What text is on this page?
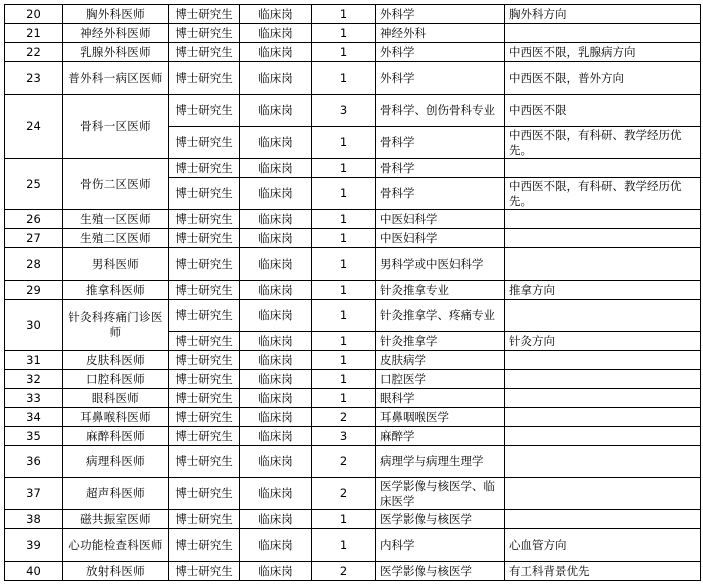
20	胸外科医师	博士研究生	临床岗	1	外科学	胸外科方向
21	神经外科医师	博士研究生	临床岗	1	神经外科	
22	乳腺外科医师	博士研究生	临床岗	1	外科学	中西医不限，乳腺病方向
23	普外科一病区医师	博士研究生	临床岗	1	外科学	中西医不限，普外方向
24	骨科一区医师	博士研究生	临床岗	3	骨科学、创伤骨科专业	中西医不限
		博士研究生	临床岗	1	骨科学	中西医不限，有科研、教学经历优先。
25	骨伤二区医师	博士研究生	临床岗	1	骨科学	
		博士研究生	临床岗	1	骨科学	中西医不限，有科研、教学经历优先。
26	生殖一区医师	博士研究生	临床岗	1	中医妇科学	
27	生殖二区医师	博士研究生	临床岗	1	中医妇科学	
28	男科医师	博士研究生	临床岗	1	男科学或中医妇科学	
29	推拿科医师	博士研究生	临床岗	1	针灸推拿专业	推拿方向
30	针灸科疼痛门诊医师	博士研究生	临床岗	1	针灸推拿学、疼痛专业	
		博士研究生	临床岗	1	针灸推拿学	针灸方向
31	皮肤科医师	博士研究生	临床岗	1	皮肤病学	
32	口腔科医师	博士研究生	临床岗	1	口腔医学	
33	眼科医师	博士研究生	临床岗	1	眼科学	
34	耳鼻喉科医师	博士研究生	临床岗	2	耳鼻咽喉医学	
35	麻醉科医师	博士研究生	临床岗	3	麻醉学	
36	病理科医师	博士研究生	临床岗	2	病理学与病理生理学	
37	超声科医师	博士研究生	临床岗	2	医学影像与核医学、临床医学	
38	磁共振室医师	博士研究生	临床岗	1	医学影像与核医学	
39	心功能检查科医师	博士研究生	临床岗	1	内科学	心血管方向
40	放射科医师	博士研究生	临床岗	2	医学影像与核医学	有工科背景优先
